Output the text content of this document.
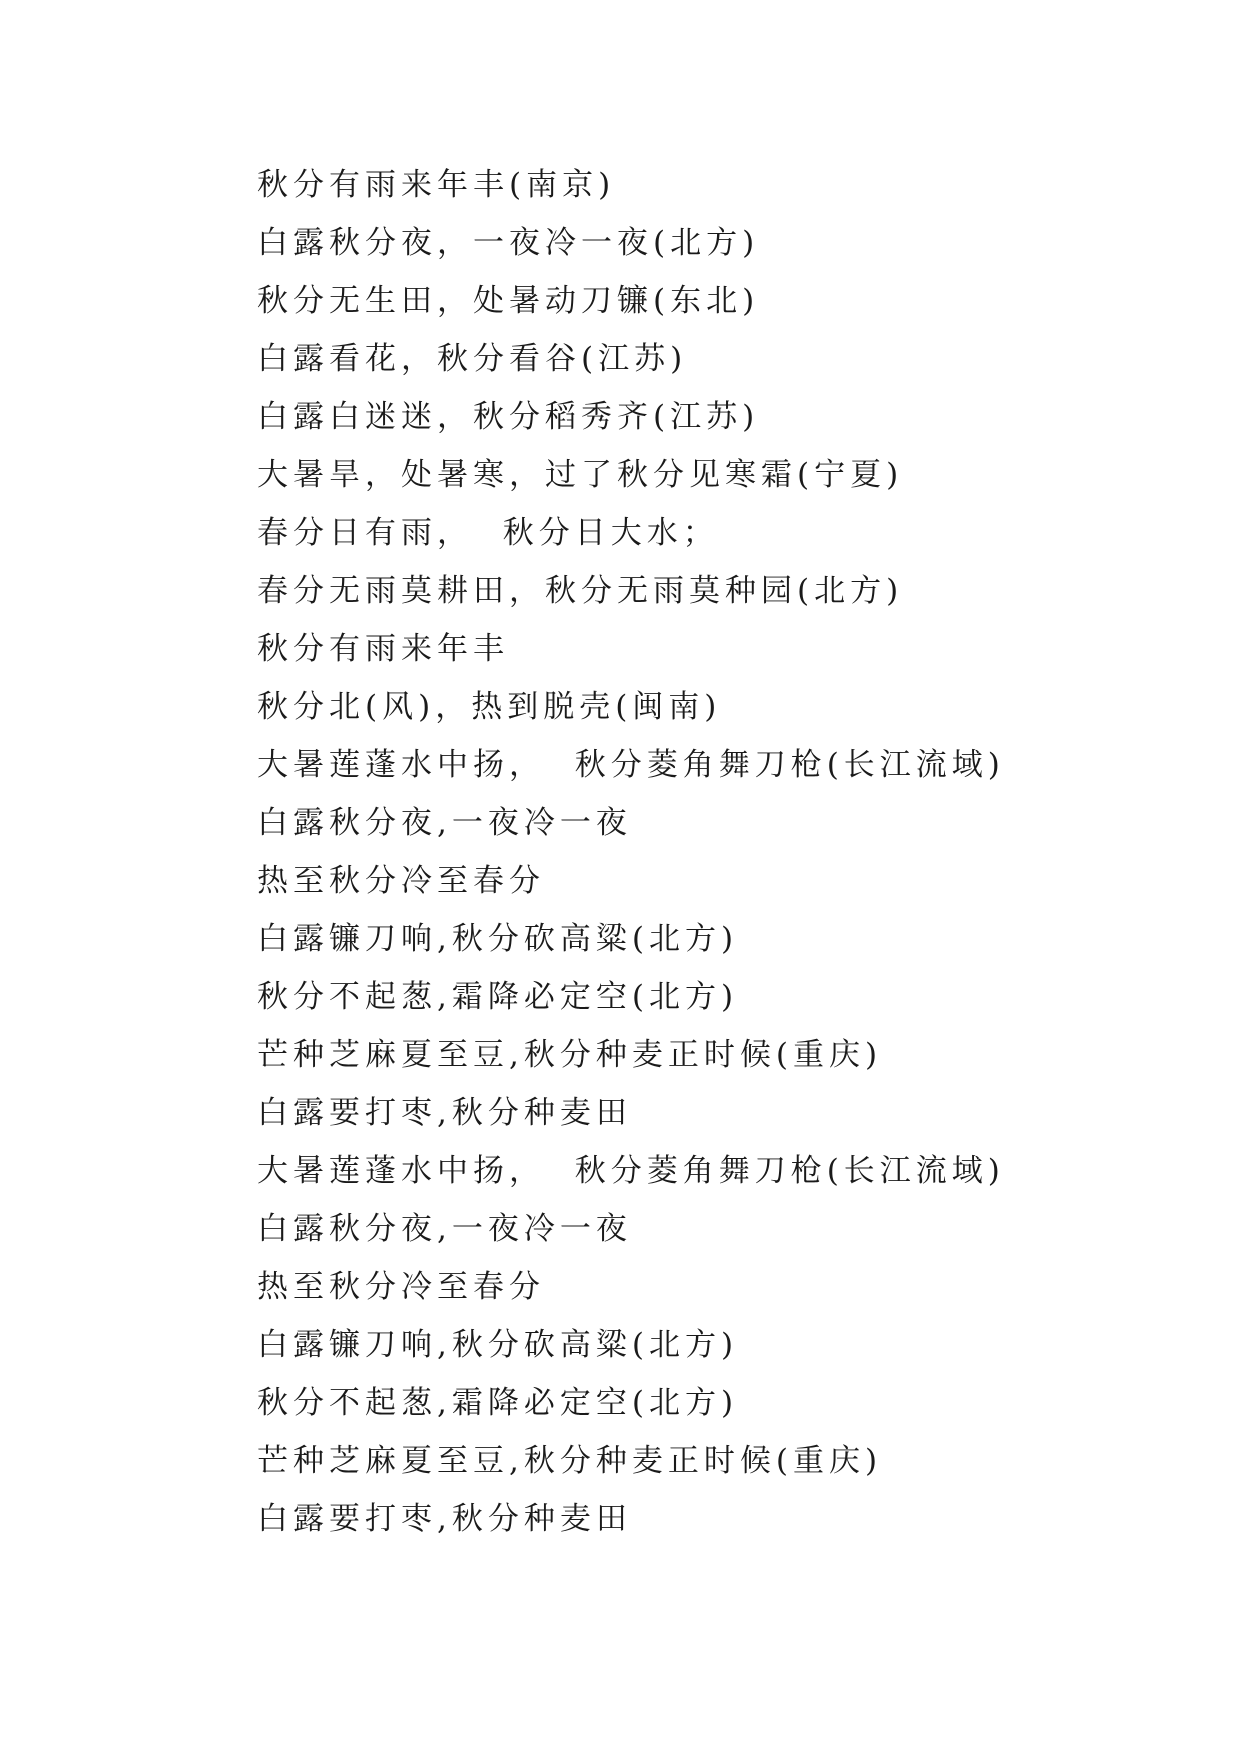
秋分有雨来年丰(南京)
白露秋分夜，一夜冷一夜(北方)
秋分无生田，处暑动刀镰(东北)
白露看花，秋分看谷(江苏)
白露白迷迷，秋分稻秀齐(江苏)
大暑旱，处暑寒，过了秋分见寒霜(宁夏)
春分日有雨，  秋分日大水；
春分无雨莫耕田，秋分无雨莫种园(北方)
秋分有雨来年丰
秋分北(风)，热到脱壳(闽南)
大暑莲蓬水中扬，  秋分菱角舞刀枪(长江流域)
白露秋分夜,一夜冷一夜
热至秋分冷至春分
白露镰刀响,秋分砍高粱(北方)
秋分不起葱,霜降必定空(北方)
芒种芝麻夏至豆,秋分种麦正时候(重庆)
白露要打枣,秋分种麦田
大暑莲蓬水中扬，  秋分菱角舞刀枪(长江流域)
白露秋分夜,一夜冷一夜
热至秋分冷至春分
白露镰刀响,秋分砍高粱(北方)
秋分不起葱,霜降必定空(北方)
芒种芝麻夏至豆,秋分种麦正时候(重庆)
白露要打枣,秋分种麦田
